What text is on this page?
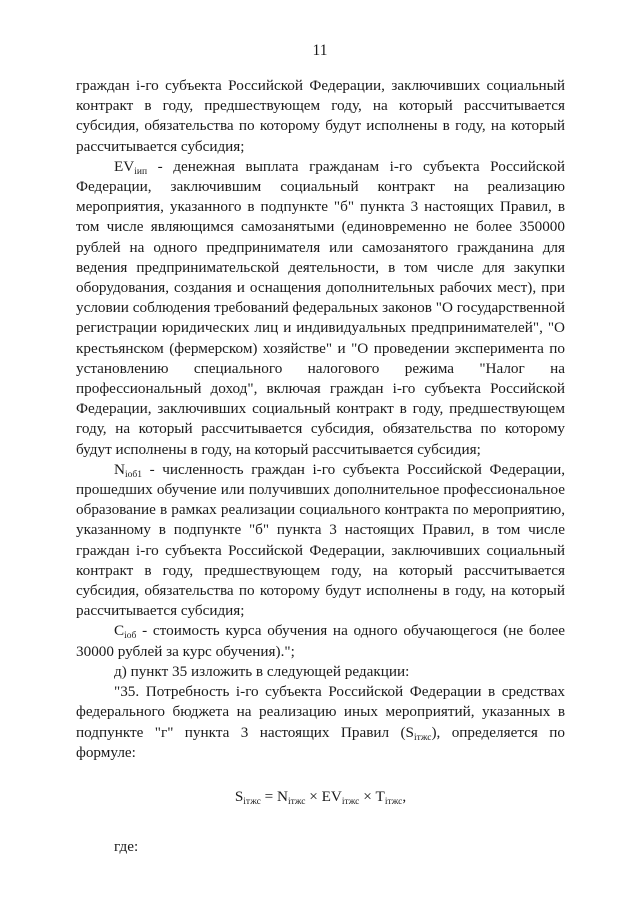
11

граждан i-го субъекта Российской Федерации, заключивших социальный контракт в году, предшествующем году, на который рассчитывается субсидия, обязательства по которому будут исполнены в году, на который рассчитывается субсидия;

$EV_{iип}$ - денежная выплата гражданам i-го субъекта Российской Федерации, заключившим социальный контракт на реализацию мероприятия, указанного в подпункте "б" пункта 3 настоящих Правил, в том числе являющимся самозанятыми (единовременно не более 350000 рублей на одного предпринимателя или самозанятого гражданина для ведения предпринимательской деятельности, в том числе для закупки оборудования, создания и оснащения дополнительных рабочих мест), при условии соблюдения требований федеральных законов "О государственной регистрации юридических лиц и индивидуальных предпринимателей", "О крестьянском (фермерском) хозяйстве" и "О проведении эксперимента по установлению специального налогового режима "Налог на профессиональный доход", включая граждан i-го субъекта Российской Федерации, заключивших социальный контракт в году, предшествующем году, на который рассчитывается субсидия, обязательства по которому будут исполнены в году, на который рассчитывается субсидия;

$N_{iоб1}$ - численность граждан i-го субъекта Российской Федерации, прошедших обучение или получивших дополнительное профессиональное образование в рамках реализации социального контракта по мероприятию, указанному в подпункте "б" пункта 3 настоящих Правил, в том числе граждан i-го субъекта Российской Федерации, заключивших социальный контракт в году, предшествующем году, на который рассчитывается субсидия, обязательства по которому будут исполнены в году, на который рассчитывается субсидия;

$С_{iоб}$ - стоимость курса обучения на одного обучающегося (не более 30000 рублей за курс обучения).";

д) пункт 35 изложить в следующей редакции:

"35. Потребность i-го субъекта Российской Федерации в средствах федерального бюджета на реализацию иных мероприятий, указанных в подпункте "г" пункта 3 настоящих Правил $(S_{iтжс})$, определяется по формуле:

$S_{iтжс} = N_{iтжс} \times EV_{iтжс} \times T_{iтжс}$,

где:
